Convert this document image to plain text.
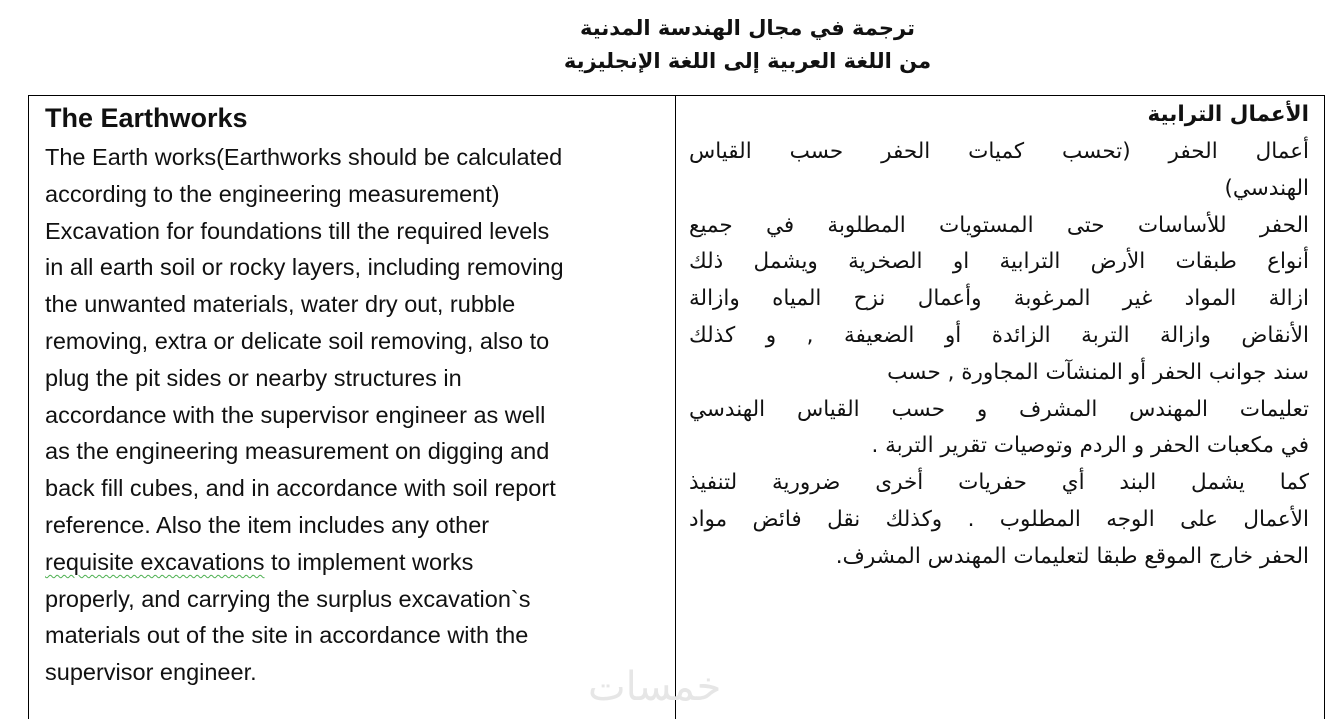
ترجمة في مجال الهندسة المدنية
من اللغة العربية إلى اللغة الإنجليزية
The Earthworks
The Earth works(Earthworks should be calculated
according to the engineering measurement)
Excavation for foundations till the required levels
in all earth soil or rocky layers, including removing
the unwanted materials, water dry out, rubble
removing, extra or delicate soil removing, also to
plug the pit sides or nearby structures in
accordance with the supervisor engineer as well
as the engineering measurement on digging and
back fill cubes, and in accordance with soil report
reference. Also the item includes any other
requisite excavations to implement works
properly, and carrying the surplus excavation`s
materials out of the site in accordance with the
supervisor engineer.
الأعمال الترابية
أعمال الحفر (تحسب كميات الحفر حسب القياس
الهندسي)
الحفر للأساسات حتى المستويات المطلوبة في جميع
أنواع طبقات الأرض الترابية او الصخرية ويشمل ذلك
ازالة المواد غير المرغوبة وأعمال نزح المياه وازالة
الأنقاض وازالة التربة الزائدة أو الضعيفة , و كذلك
سند جوانب الحفر أو المنشآت المجاورة , حسب
تعليمات المهندس المشرف و حسب القياس الهندسي
في مكعبات الحفر و الردم وتوصيات تقرير التربة .
كما يشمل البند أي حفريات أخرى ضرورية لتنفيذ
الأعمال على الوجه المطلوب . وكذلك نقل فائض مواد
الحفر خارج الموقع طبقا لتعليمات المهندس المشرف.
خمسات
